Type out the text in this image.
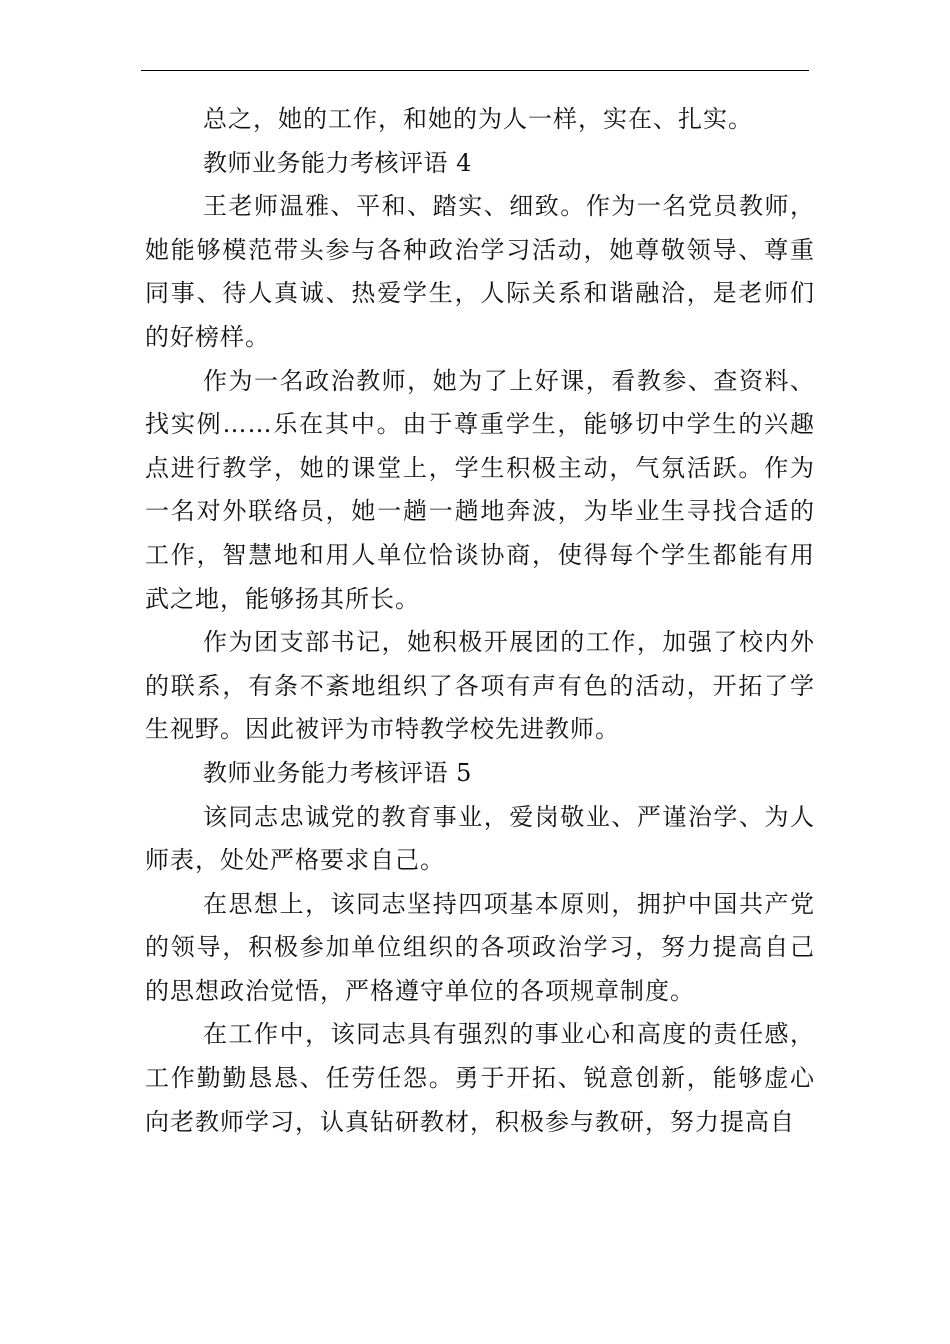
总之，她的工作，和她的为人一样，实在、扎实。

教师业务能力考核评语 4

王老师温雅、平和、踏实、细致。作为一名党员教师，她能够模范带头参与各种政治学习活动，她尊敬领导、尊重同事、待人真诚、热爱学生，人际关系和谐融洽，是老师们的好榜样。

作为一名政治教师，她为了上好课，看教参、查资料、找实例……乐在其中。由于尊重学生，能够切中学生的兴趣点进行教学，她的课堂上，学生积极主动，气氛活跃。作为一名对外联络员，她一趟一趟地奔波，为毕业生寻找合适的工作，智慧地和用人单位恰谈协商，使得每个学生都能有用武之地，能够扬其所长。

作为团支部书记，她积极开展团的工作，加强了校内外的联系，有条不紊地组织了各项有声有色的活动，开拓了学生视野。因此被评为市特教学校先进教师。

教师业务能力考核评语 5

该同志忠诚党的教育事业，爱岗敬业、严谨治学、为人师表，处处严格要求自己。

在思想上，该同志坚持四项基本原则，拥护中国共产党的领导，积极参加单位组织的各项政治学习，努力提高自己的思想政治觉悟，严格遵守单位的各项规章制度。

在工作中，该同志具有强烈的事业心和高度的责任感，工作勤勤恳恳、任劳任怨。勇于开拓、锐意创新，能够虚心向老教师学习，认真钻研教材，积极参与教研，努力提高自
